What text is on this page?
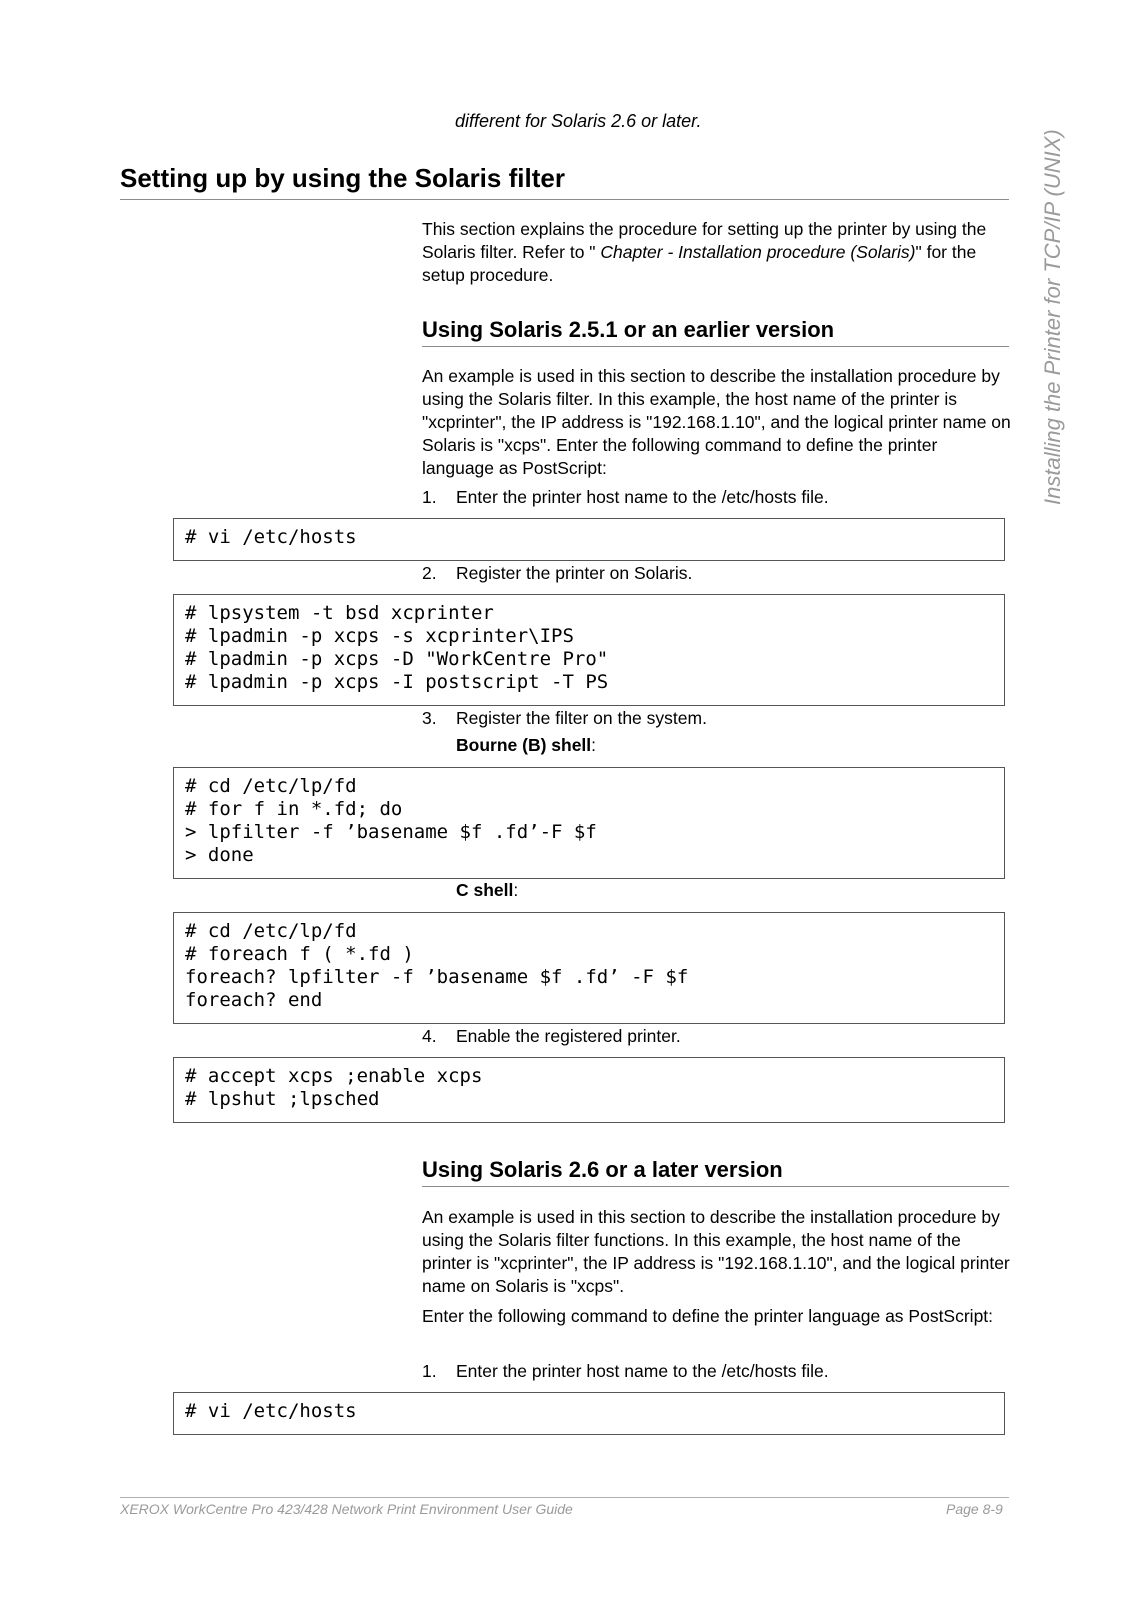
different for Solaris 2.6 or later.
Setting up by using the Solaris filter
This section explains the procedure for setting up the printer by using the Solaris filter. Refer to " Chapter - Installation procedure (Solaris)" for the setup procedure.
Using Solaris 2.5.1 or an earlier version
An example is used in this section to describe the installation procedure by using the Solaris filter. In this example, the host name of the printer is "xcprinter", the IP address is "192.168.1.10", and the logical printer name on Solaris is "xcps". Enter the following command to define the printer language as PostScript:
1. Enter the printer host name to the /etc/hosts file.
# vi /etc/hosts
2. Register the printer on Solaris.
# lpsystem -t bsd xcprinter
# lpadmin -p xcps -s xcprinter\IPS
# lpadmin -p xcps -D "WorkCentre Pro"
# lpadmin -p xcps -I postscript -T PS
3. Register the filter on the system.
Bourne (B) shell:
# cd /etc/lp/fd
# for f in *.fd; do
> lpfilter -f ’basename $f .fd’-F $f
> done
C shell:
# cd /etc/lp/fd
# foreach f ( *.fd )
foreach? lpfilter -f ’basename $f .fd’ -F $f
foreach? end
4. Enable the registered printer.
# accept xcps ;enable xcps
# lpshut ;lpsched
Using Solaris 2.6 or a later version
An example is used in this section to describe the installation procedure by using the Solaris filter functions. In this example, the host name of the printer is "xcprinter", the IP address is "192.168.1.10", and the logical printer name on Solaris is "xcps".
Enter the following command to define the printer language as PostScript:
1. Enter the printer host name to the /etc/hosts file.
# vi /etc/hosts
Installing the Printer for TCP/IP (UNIX)
XEROX WorkCentre Pro 423/428 Network Print Environment User Guide	Page 8-9
